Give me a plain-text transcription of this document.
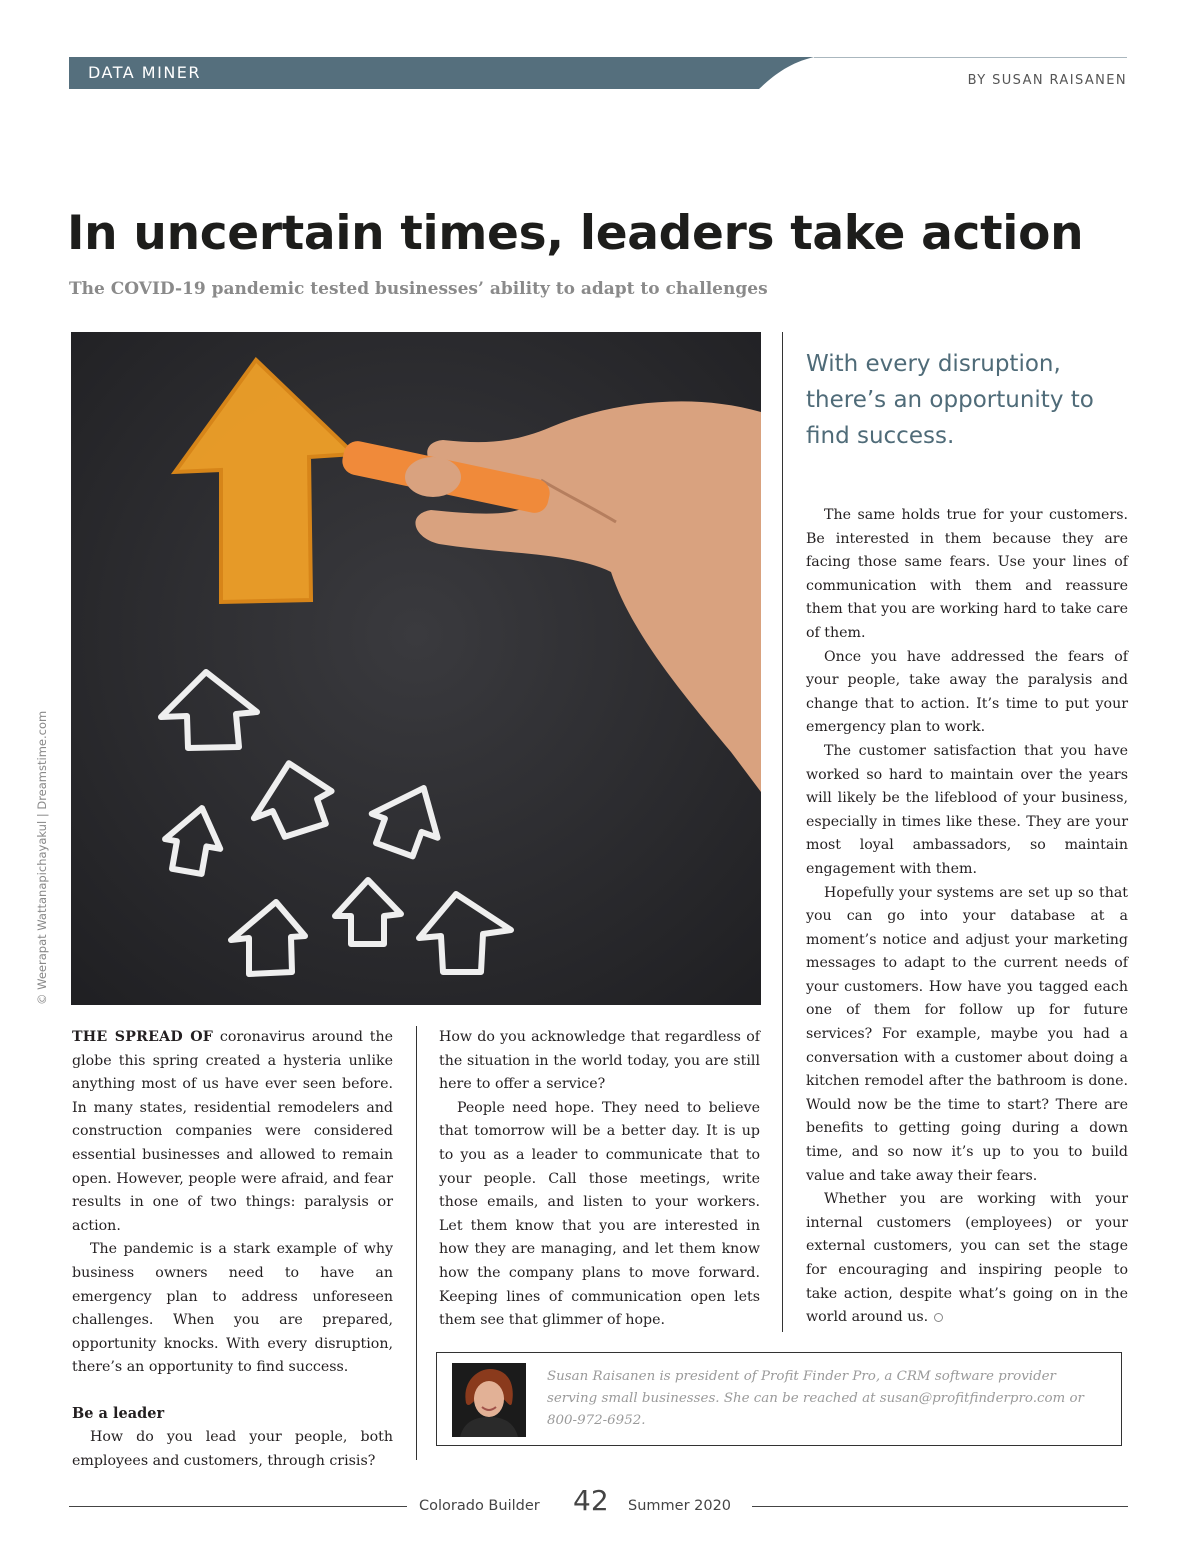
DATA MINER	BY SUSAN RAISANEN
In uncertain times, leaders take action
The COVID-19 pandemic tested businesses’ ability to adapt to challenges
© Weerapat Wattanapichayakul | Dreamstime.com
With every disruption, there’s an opportunity to find success.

THE SPREAD OF coronavirus around the globe this spring created a hysteria unlike anything most of us have ever seen before. In many states, residential remodelers and construction companies were considered essential businesses and allowed to remain open. However, people were afraid, and fear results in one of two things: paralysis or action.

The pandemic is a stark example of why business owners need to have an emergency plan to address unforeseen challenges. When you are prepared, opportunity knocks. With every disruption, there’s an opportunity to find success.

Be a leader

How do you lead your people, both employees and customers, through crisis?

How do you acknowledge that regardless of the situation in the world today, you are still here to offer a service?

People need hope. They need to believe that tomorrow will be a better day. It is up to you as a leader to communicate that to your people. Call those meetings, write those emails, and listen to your workers. Let them know that you are interested in how they are managing, and let them know how the company plans to move forward. Keeping lines of communication open lets them see that glimmer of hope.

The same holds true for your customers. Be interested in them because they are facing those same fears. Use your lines of communication with them and reassure them that you are working hard to take care of them.

Once you have addressed the fears of your people, take away the paralysis and change that to action. It’s time to put your emergency plan to work.

The customer satisfaction that you have worked so hard to maintain over the years will likely be the lifeblood of your business, especially in times like these. They are your most loyal ambassadors, so maintain engagement with them.

Hopefully your systems are set up so that you can go into your database at a moment’s notice and adjust your marketing messages to adapt to the current needs of your customers. How have you tagged each one of them for follow up for future services? For example, maybe you had a conversation with a customer about doing a kitchen remodel after the bathroom is done. Would now be the time to start? There are benefits to getting going during a down time, and so now it’s up to you to build value and take away their fears.

Whether you are working with your internal customers (employees) or your external customers, you can set the stage for encouraging and inspiring people to take action, despite what’s going on in the world around us.

Susan Raisanen is president of Profit Finder Pro, a CRM software provider serving small businesses. She can be reached at susan@profitfinderpro.com or 800-972-6952.
Colorado Builder 42 Summer 2020
